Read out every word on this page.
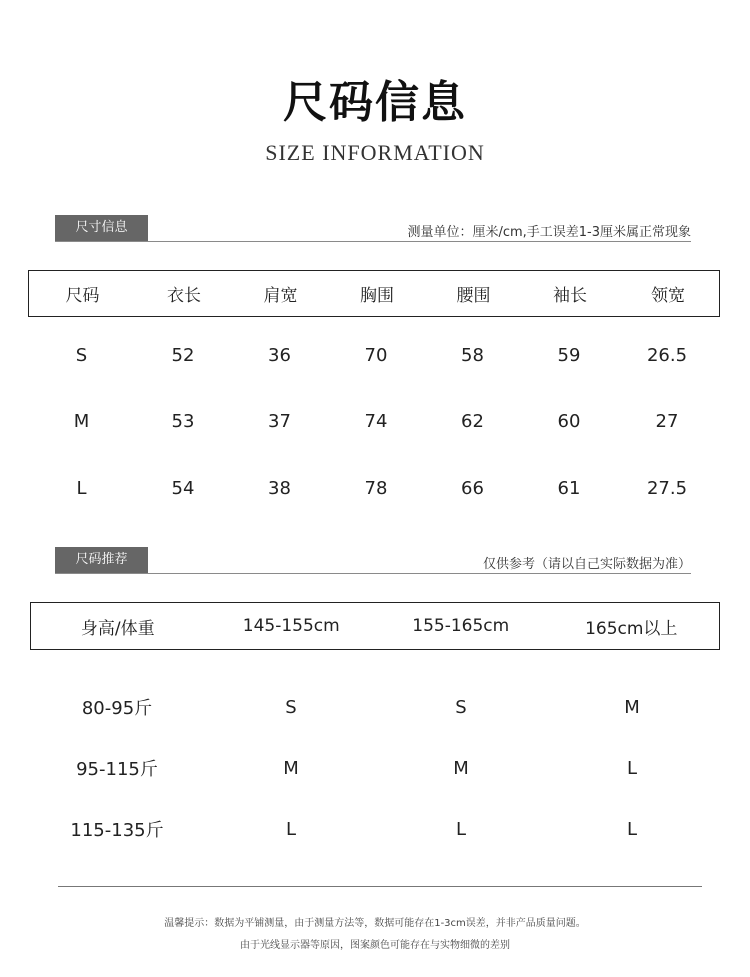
尺码信息
SIZE INFORMATION
尺寸信息	测量单位：厘米/cm,手工误差1-3厘米属正常现象
尺码	衣长	肩宽	胸围	腰围	袖长	领宽
S	52	36	70	58	59	26.5
M	53	37	74	62	60	27
L	54	38	78	66	61	27.5
尺码推荐	仅供参考（请以自己实际数据为准）
身高/体重	145-155cm	155-165cm	165cm以上
80-95斤	S	S	M
95-115斤	M	M	L
115-135斤	L	L	L
温馨提示：数据为平铺测量，由于测量方法等，数据可能存在1-3cm误差，并非产品质量问题。
由于光线显示器等原因，图案颜色可能存在与实物细微的差别
